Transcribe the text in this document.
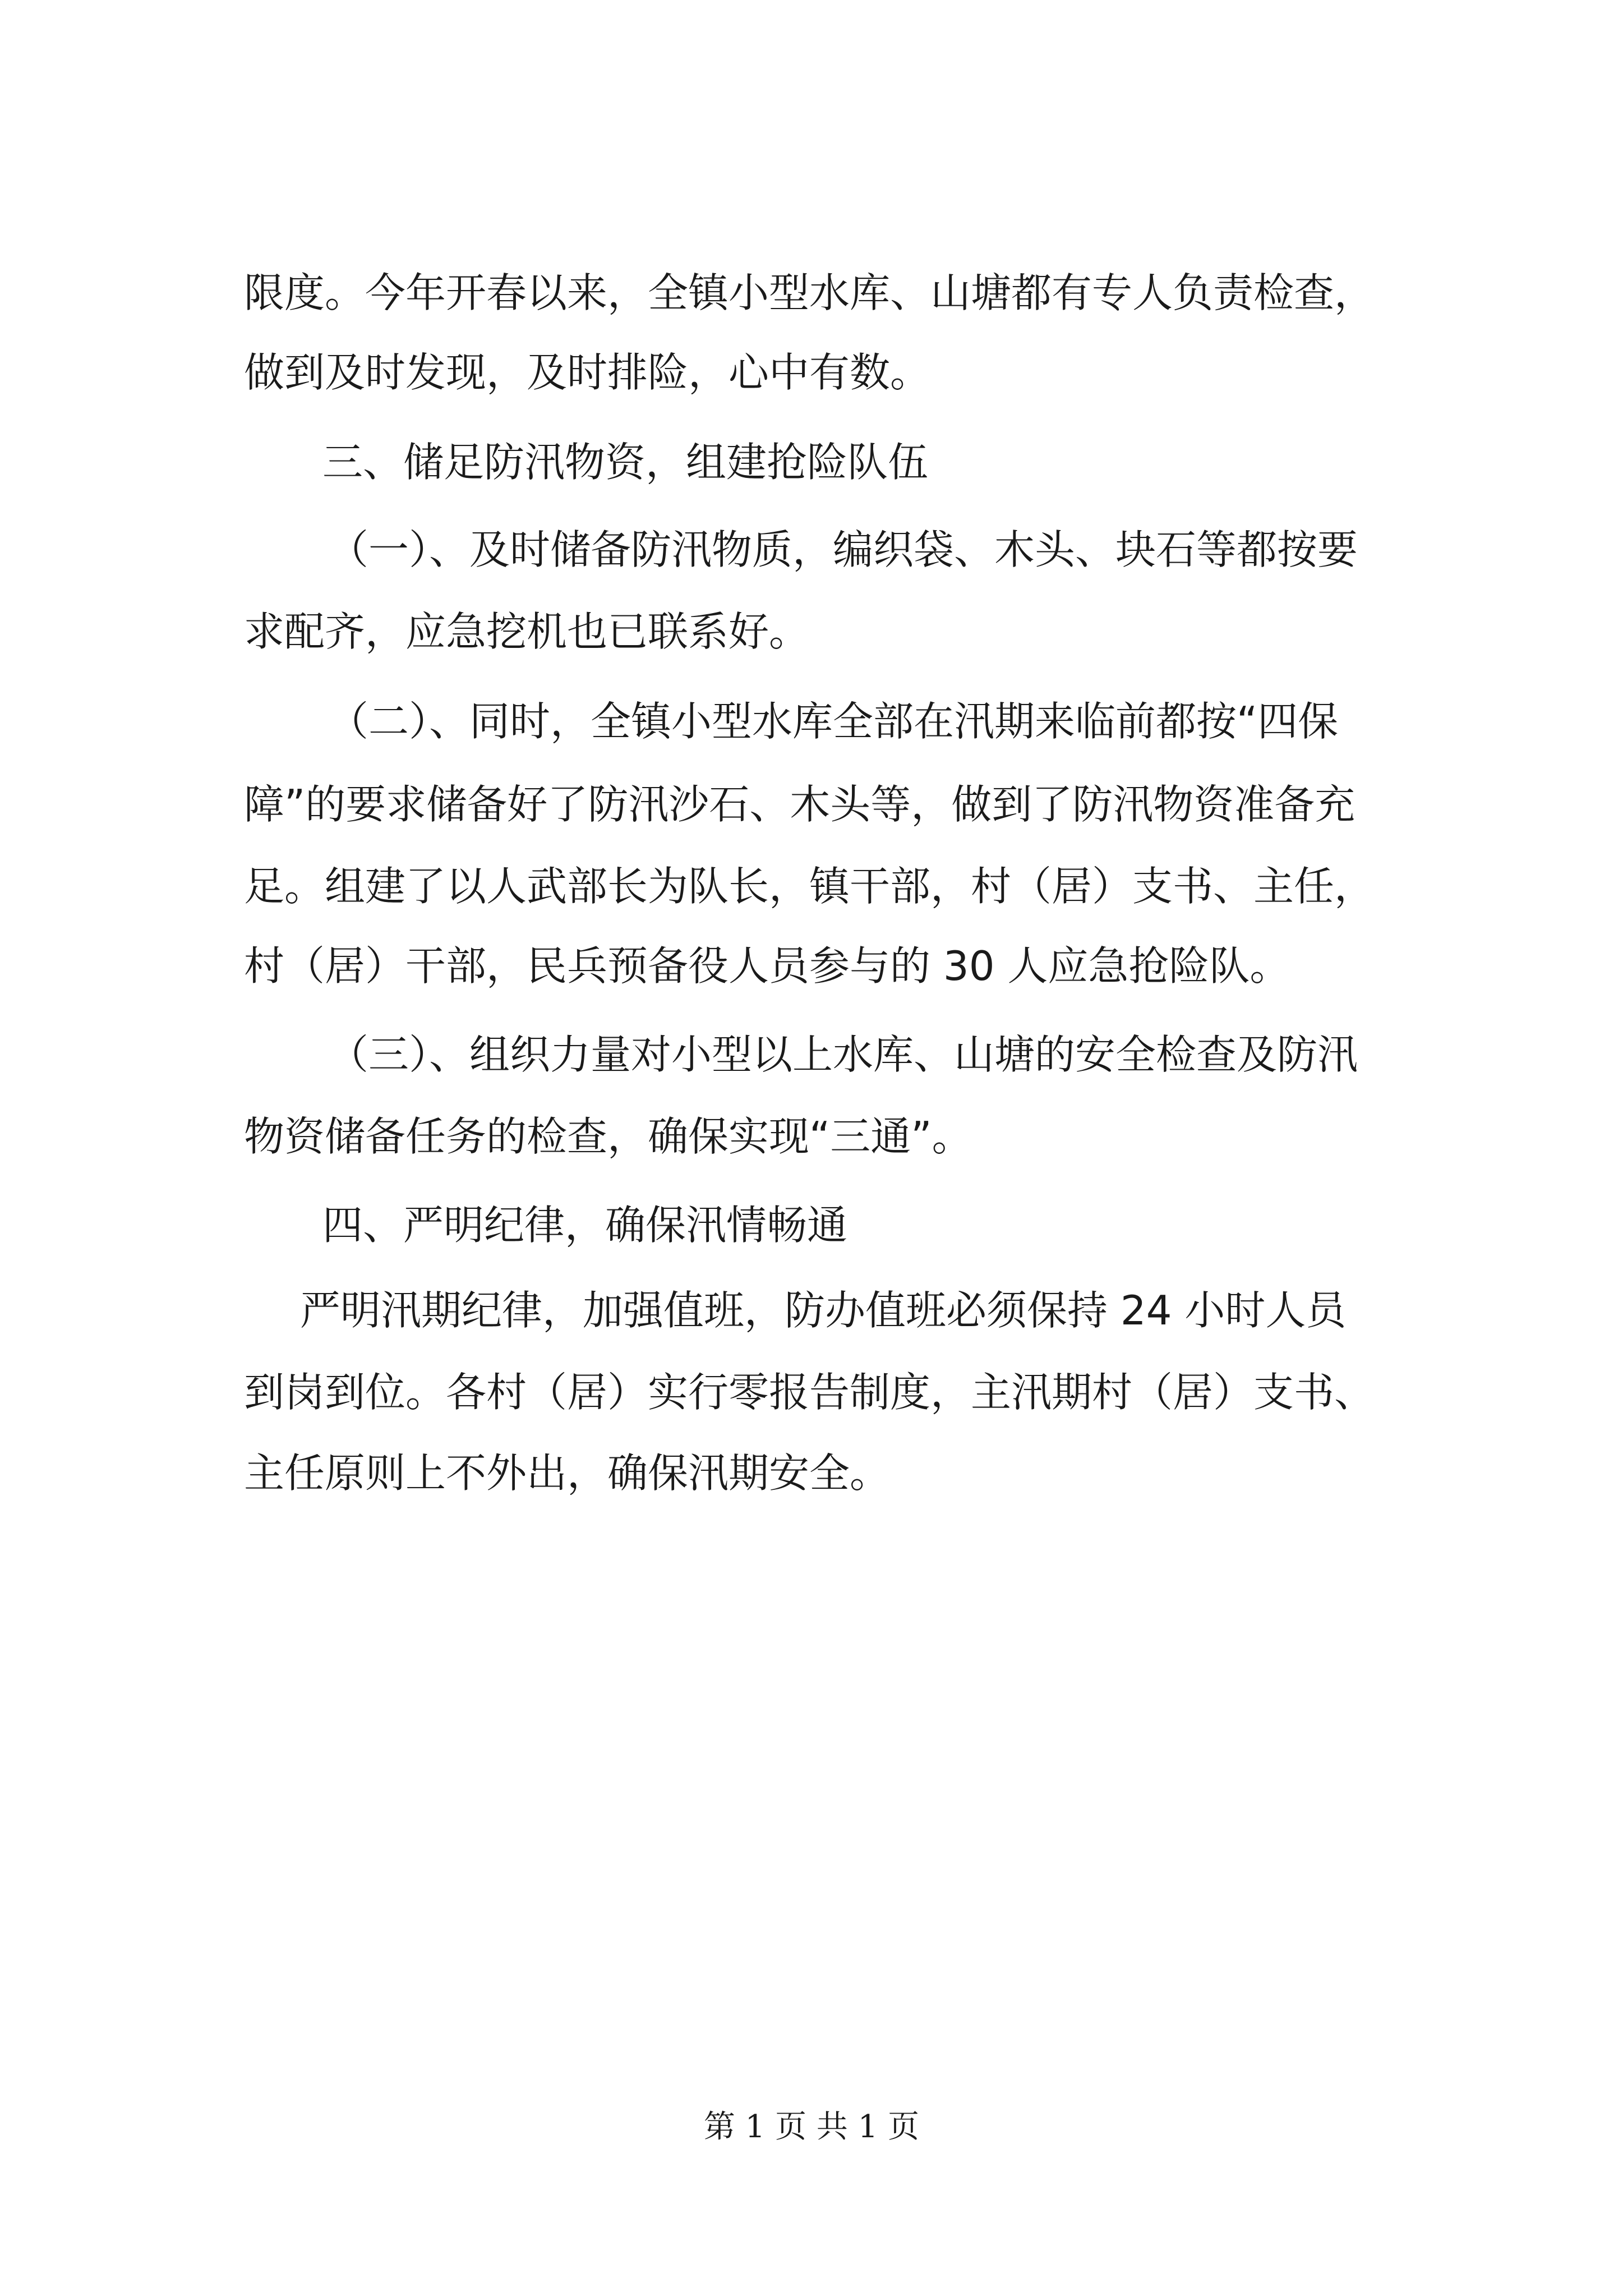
限度。今年开春以来，全镇小型水库、山塘都有专人负责检查，
做到及时发现，及时排险，心中有数。
三、储足防汛物资，组建抢险队伍
（一）、及时储备防汛物质，编织袋、木头、块石等都按要
求配齐，应急挖机也已联系好。
（二）、同时，全镇小型水库全部在汛期来临前都按“四保
障”的要求储备好了防汛沙石、木头等，做到了防汛物资准备充
足。组建了以人武部长为队长，镇干部，村（居）支书、主任，
村（居）干部，民兵预备役人员参与的 30 人应急抢险队。
（三）、组织力量对小型以上水库、山塘的安全检查及防汛
物资储备任务的检查，确保实现“三通”。
四、严明纪律，确保汛情畅通
严明汛期纪律，加强值班，防办值班必须保持 24 小时人员
到岗到位。各村（居）实行零报告制度，主汛期村（居）支书、
主任原则上不外出，确保汛期安全。
第 1 页 共 1 页
